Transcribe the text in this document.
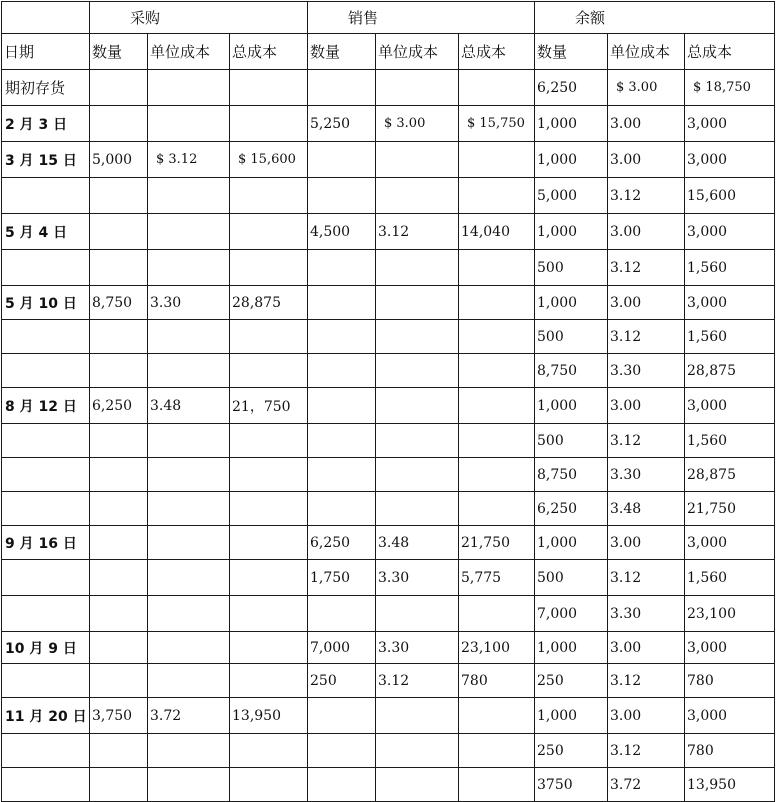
	采购			销售			余额		
日期	数量	单位成本	总成本	数量	单位成本	总成本	数量	单位成本	总成本
期初存货							6,250	$ 3.00	$ 18,750
2 月 3 日				5,250	$ 3.00	$ 15,750	1,000	3.00	3,000
3 月 15 日	5,000	$ 3.12	$ 15,600				1,000	3.00	3,000
							5,000	3.12	15,600
5 月 4 日				4,500	3.12	14,040	1,000	3.00	3,000
							500	3.12	1,560
5 月 10 日	8,750	3.30	28,875				1,000	3.00	3,000
							500	3.12	1,560
							8,750	3.30	28,875
8 月 12 日	6,250	3.48	21，750				1,000	3.00	3,000
							500	3.12	1,560
							8,750	3.30	28,875
							6,250	3.48	21,750
9 月 16 日				6,250	3.48	21,750	1,000	3.00	3,000
				1,750	3.30	5,775	500	3.12	1,560
							7,000	3.30	23,100
10 月 9 日				7,000	3.30	23,100	1,000	3.00	3,000
				250	3.12	780	250	3.12	780
11 月 20 日	3,750	3.72	13,950				1,000	3.00	3,000
							250	3.12	780
							3750	3.72	13,950
